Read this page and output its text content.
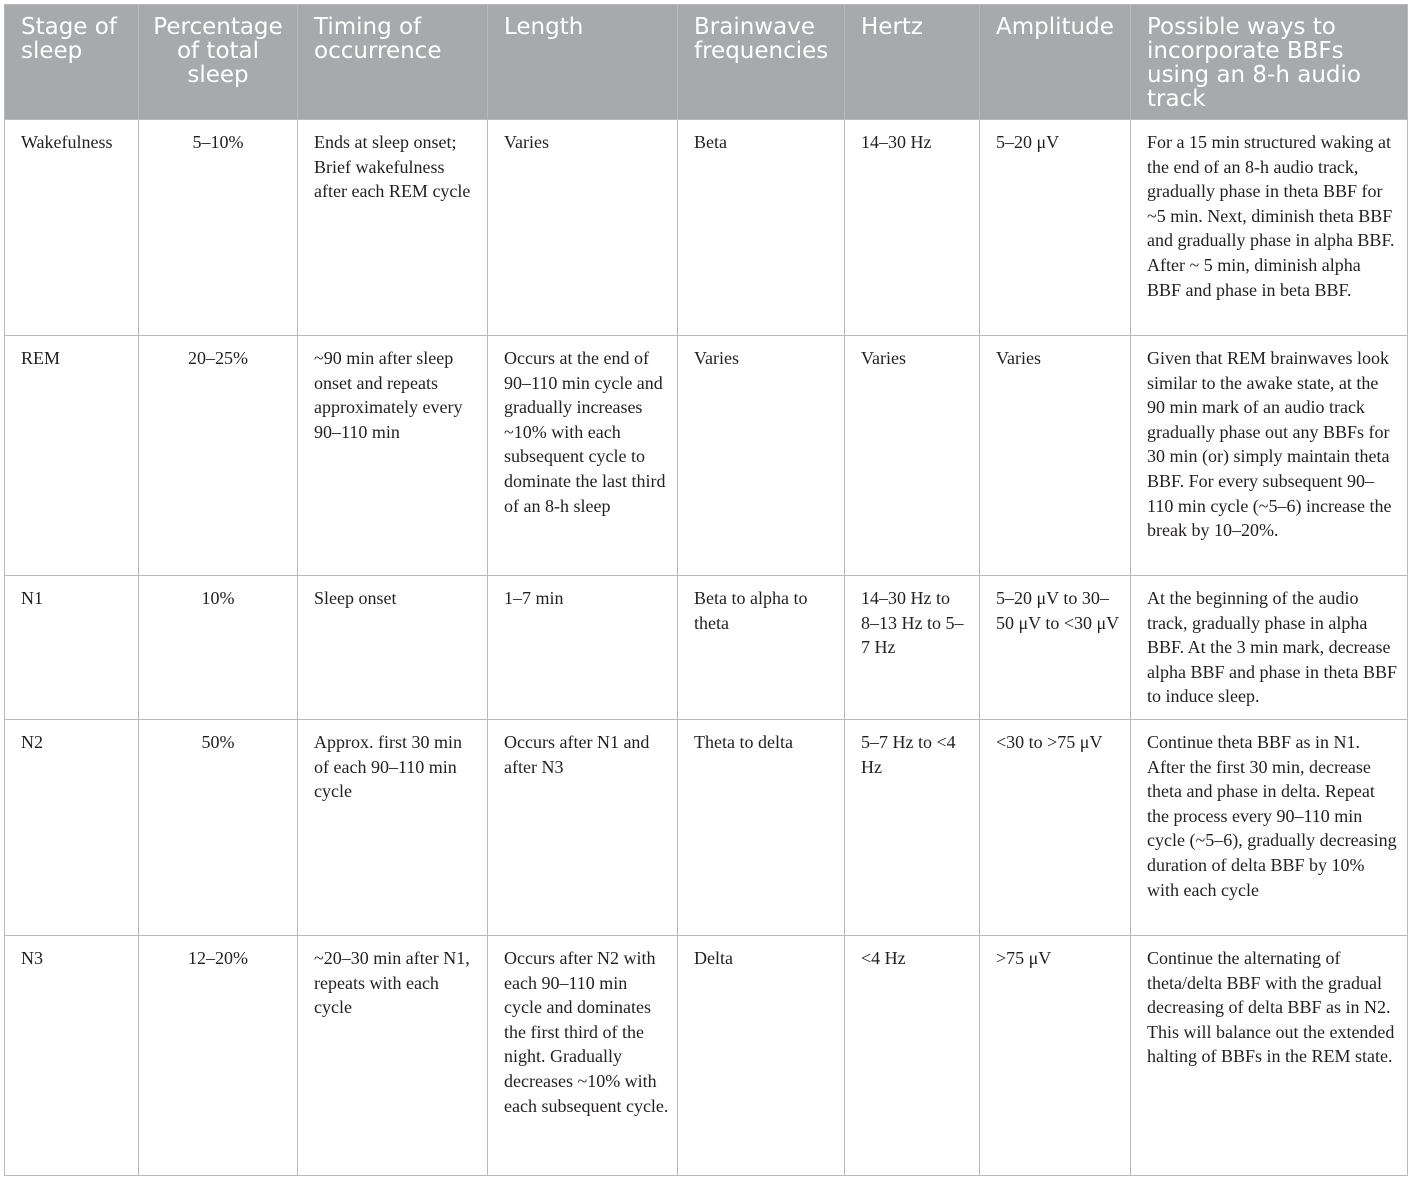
Stage of sleep	Percentage of total sleep	Timing of occurrence	Length	Brainwave frequencies	Hertz	Amplitude	Possible ways to incorporate BBFs using an 8-h audio track
Wakefulness	5–10%	Ends at sleep onset; Brief wakefulness after each REM cycle	Varies	Beta	14–30 Hz	5–20 μV	For a 15 min structured waking at the end of an 8-h audio track, gradually phase in theta BBF for ~5 min. Next, diminish theta BBF and gradually phase in alpha BBF. After ~ 5 min, diminish alpha BBF and phase in beta BBF.
REM	20–25%	~90 min after sleep onset and repeats approximately every 90–110 min	Occurs at the end of 90–110 min cycle and gradually increases ~10% with each subsequent cycle to dominate the last third of an 8-h sleep	Varies	Varies	Varies	Given that REM brainwaves look similar to the awake state, at the 90 min mark of an audio track gradually phase out any BBFs for 30 min (or) simply maintain theta BBF. For every subsequent 90–110 min cycle (~5–6) increase the break by 10–20%.
N1	10%	Sleep onset	1–7 min	Beta to alpha to theta	14–30 Hz to 8–13 Hz to 5–7 Hz	5–20 μV to 30–50 μV to <30 μV	At the beginning of the audio track, gradually phase in alpha BBF. At the 3 min mark, decrease alpha BBF and phase in theta BBF to induce sleep.
N2	50%	Approx. first 30 min of each 90–110 min cycle	Occurs after N1 and after N3	Theta to delta	5–7 Hz to <4 Hz	<30 to >75 μV	Continue theta BBF as in N1. After the first 30 min, decrease theta and phase in delta. Repeat the process every 90–110 min cycle (~5–6), gradually decreasing duration of delta BBF by 10% with each cycle
N3	12–20%	~20–30 min after N1, repeats with each cycle	Occurs after N2 with each 90–110 min cycle and dominates the first third of the night. Gradually decreases ~10% with each subsequent cycle.	Delta	<4 Hz	>75 μV	Continue the alternating of theta/delta BBF with the gradual decreasing of delta BBF as in N2. This will balance out the extended halting of BBFs in the REM state.
